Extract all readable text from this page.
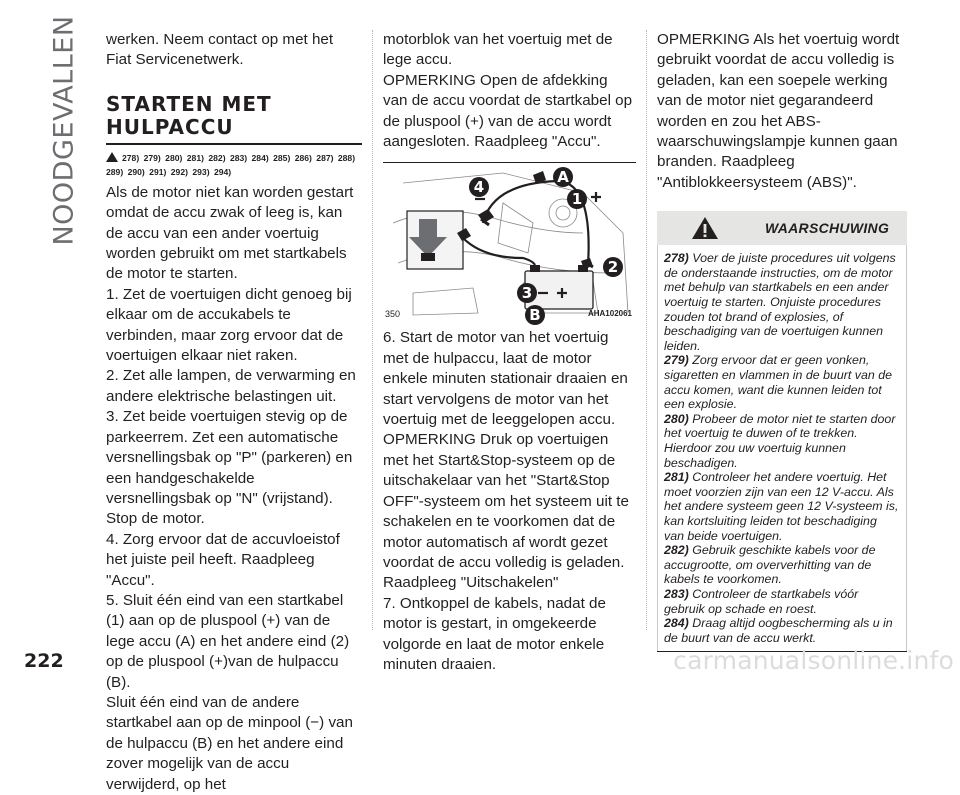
NOODGEVALLEN werken. Neem contact op met het Fiat Servicenetwerk.

STARTEN MET
HULPACCU
278) 279) 280) 281) 282) 283) 284) 285) 286) 287) 288)
289) 290) 291) 292) 293) 294)

Als de motor niet kan worden gestart omdat de accu zwak of leeg is, kan de accu van een ander voertuig worden gebruikt om met startkabels de motor te starten.

1. Zet de voertuigen dicht genoeg bij elkaar om de accukabels te verbinden, maar zorg ervoor dat de voertuigen elkaar niet raken.

2. Zet alle lampen, de verwarming en andere elektrische belastingen uit.

3. Zet beide voertuigen stevig op de parkeerrem. Zet een automatische versnellingsbak op "P" (parkeren) en een handgeschakelde versnellingsbak op "N" (vrijstand). Stop de motor.

4. Zorg ervoor dat de accuvloeistof het juiste peil heeft. Raadpleeg "Accu".

5. Sluit één eind van een startkabel (1) aan op de pluspool (+) van de lege accu (A) en het andere eind (2) op de pluspool (+)van de hulpaccu (B).

Sluit één eind van de andere startkabel aan op de minpool (−) van de hulpaccu (B) en het andere eind zover mogelijk van de accu verwijderd, op het

motorblok van het voertuig met de lege accu.

OPMERKING Open de afdekking van de accu voordat de startkabel op de pluspool (+) van de accu wordt aangesloten. Raadpleeg "Accu".

A
1
4
2
3
B
350	AHA102061

6. Start de motor van het voertuig met de hulpaccu, laat de motor enkele minuten stationair draaien en start vervolgens de motor van het voertuig met de leeggelopen accu.

OPMERKING Druk op voertuigen met het Start&Stop-systeem op de uitschakelaar van het "Start&Stop OFF"-systeem om het systeem uit te schakelen en te voorkomen dat de motor automatisch af wordt gezet voordat de accu volledig is geladen. Raadpleeg "Uitschakelen"

7. Ontkoppel de kabels, nadat de motor is gestart, in omgekeerde volgorde en laat de motor enkele minuten draaien.

OPMERKING Als het voertuig wordt gebruikt voordat de accu volledig is geladen, kan een soepele werking van de motor niet gegarandeerd worden en zou het ABS-waarschuwingslampje kunnen gaan branden. Raadpleeg "Antiblokkeersysteem (ABS)".

WAARSCHUWING

278) Voer de juiste procedures uit volgens de onderstaande instructies, om de motor met behulp van startkabels en een ander voertuig te starten. Onjuiste procedures zouden tot brand of explosies, of beschadiging van de voertuigen kunnen leiden.

279) Zorg ervoor dat er geen vonken, sigaretten en vlammen in de buurt van de accu komen, want die kunnen leiden tot een explosie.

280) Probeer de motor niet te starten door het voertuig te duwen of te trekken. Hierdoor zou uw voertuig kunnen beschadigen.

281) Controleer het andere voertuig. Het moet voorzien zijn van een 12 V-accu. Als het andere systeem geen 12 V-systeem is, kan kortsluiting leiden tot beschadiging van beide voertuigen.

282) Gebruik geschikte kabels voor de accugrootte, om oververhitting van de kabels te voorkomen.

283) Controleer de startkabels vóór gebruik op schade en roest.

284) Draag altijd oogbescherming als u in de buurt van de accu werkt.

222	carmanualsonline.info
